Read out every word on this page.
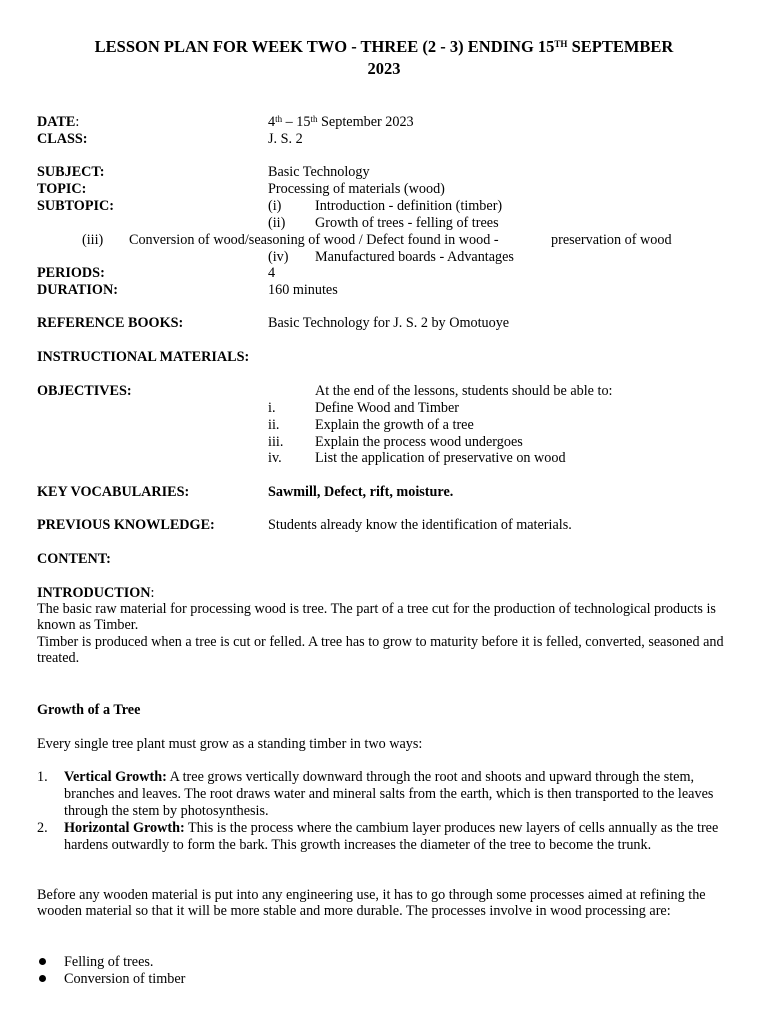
LESSON PLAN FOR WEEK TWO - THREE (2 - 3) ENDING 15TH SEPTEMBER
2023
DATE:	4th – 15th September 2023
CLASS:	J. S. 2
SUBJECT:	Basic Technology
TOPIC:	Processing of materials (wood)
SUBTOPIC:	(i) Introduction - definition (timber)
(ii) Growth of trees - felling of trees
(iii) Conversion of wood/seasoning of wood / Defect found in wood -	preservation of wood
(iv) Manufactured boards - Advantages
PERIODS:	4
DURATION:	160 minutes
REFERENCE BOOKS:	Basic Technology for J. S. 2 by Omotuoye
INSTRUCTIONAL MATERIALS:
OBJECTIVES:	At the end of the lessons, students should be able to:
i.	Define Wood and Timber
ii.	Explain the growth of a tree
iii. Explain the process wood undergoes
iv. List the application of preservative on wood
KEY VOCABULARIES:	Sawmill, Defect, rift, moisture.
PREVIOUS KNOWLEDGE:	Students already know the identification of materials.
CONTENT:
INTRODUCTION:
The basic raw material for processing wood is tree. The part of a tree cut for the production of technological products is known as Timber.
Timber is produced when a tree is cut or felled. A tree has to grow to maturity before it is felled, converted, seasoned and treated.
Growth of a Tree
Every single tree plant must grow as a standing timber in two ways:
1. Vertical Growth: A tree grows vertically downward through the root and shoots and upward through the stem, branches and leaves. The root draws water and mineral salts from the earth, which is then transported to the leaves through the stem by photosynthesis.
2. Horizontal Growth: This is the process where the cambium layer produces new layers of cells annually as the tree hardens outwardly to form the bark. This growth increases the diameter of the tree to become the trunk.
Before any wooden material is put into any engineering use, it has to go through some processes aimed at refining the wooden material so that it will be more stable and more durable. The processes involve in wood processing are:
Felling of trees.
Conversion of timber
